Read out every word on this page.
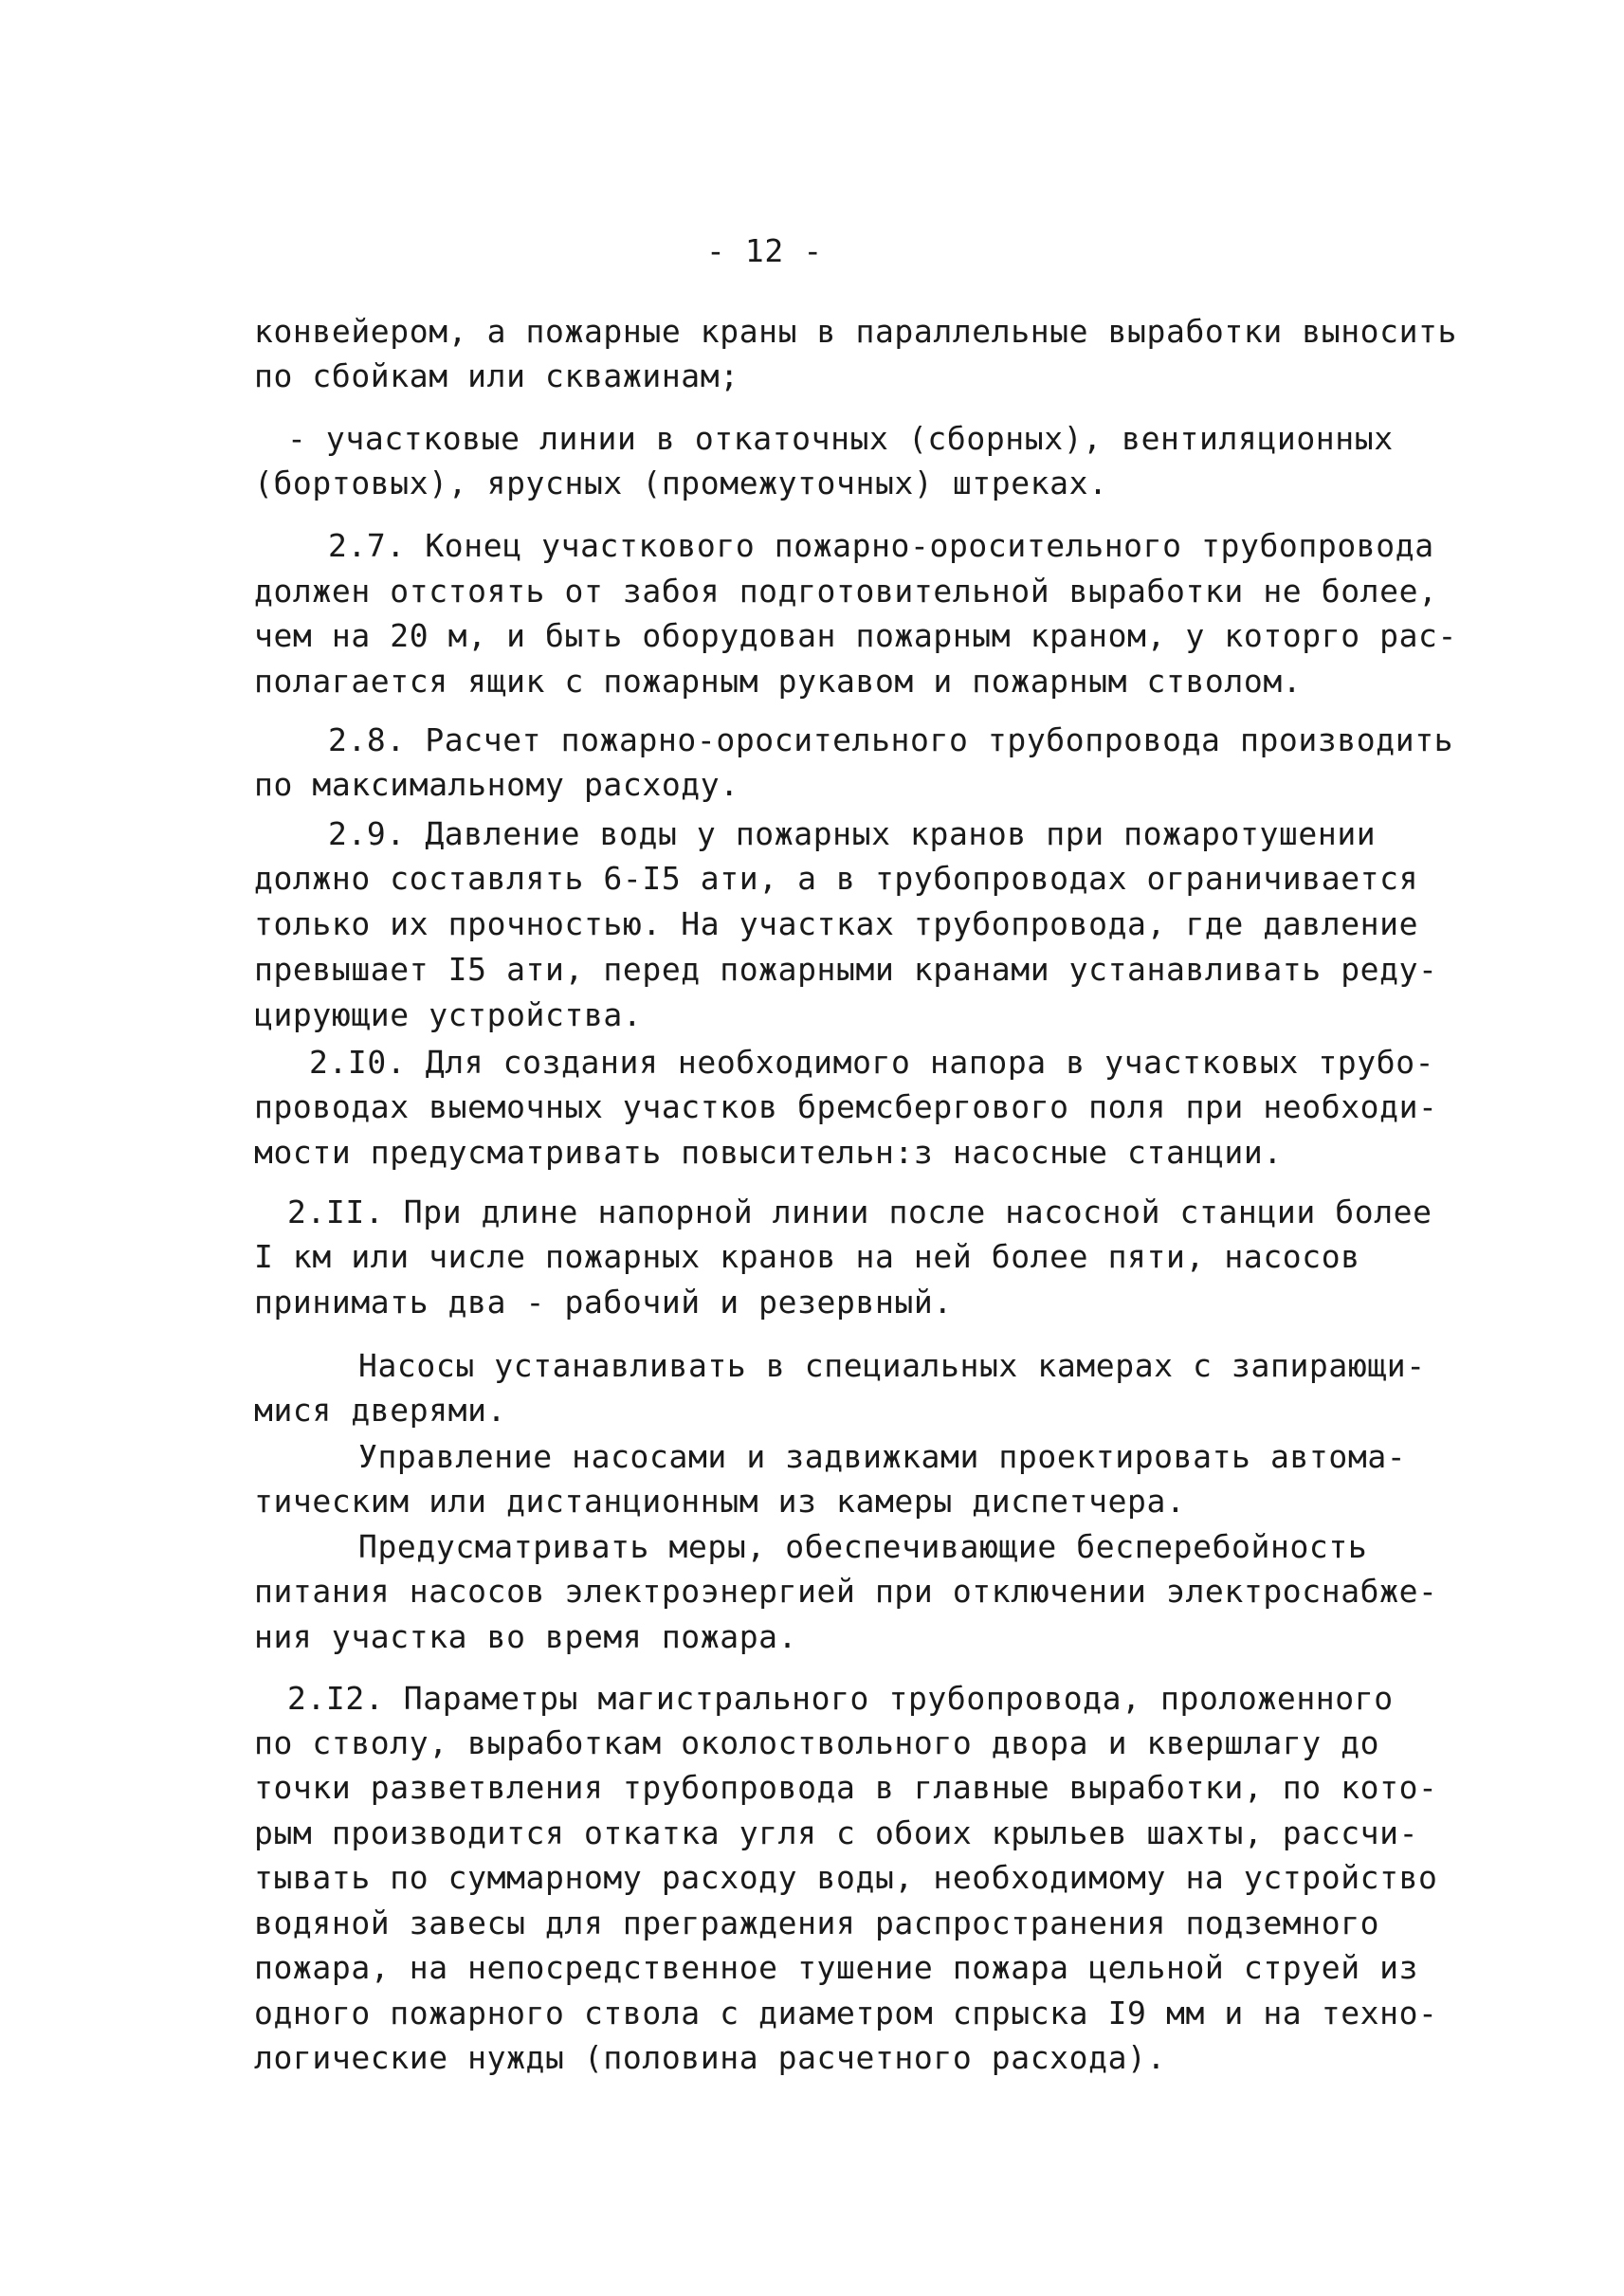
- 12 -
конвейером, а пожарные краны в параллельные выработки выносить
по сбойкам или скважинам;
- участковые линии в откаточных (сборных), вентиляционных
(бортовых), ярусных (промежуточных) штреках.
2.7. Конец участкового пожарно-оросительного трубопровода
должен отстоять от забоя подготовительной выработки не более,
чем на 20 м, и быть оборудован пожарным краном, у которго рас-
полагается ящик с пожарным рукавом и пожарным стволом.
2.8. Расчет пожарно-оросительного трубопровода производить
по максимальному расходу.
2.9. Давление воды у пожарных кранов при пожаротушении
должно составлять 6-I5 ати, а в трубопроводах ограничивается
только их прочностью. На участках трубопровода, где давление
превышает I5 ати, перед пожарными кранами устанавливать реду-
цирующие устройства.
2.I0. Для создания необходимого напора в участковых трубо-
проводах выемочных участков бремсбергового поля при необходи-
мости предусматривать повысительн:з насосные станции.
2.II. При длине напорной линии после насосной станции более
I км или числе пожарных кранов на ней более пяти, насосов
принимать два - рабочий и резервный.
Насосы устанавливать в специальных камерах с запирающи-
мися дверями.
Управление насосами и задвижками проектировать автома-
тическим или дистанционным из камеры диспетчера.
Предусматривать меры, обеспечивающие бесперебойность
питания насосов электроэнергией при отключении электроснабже-
ния участка во время пожара.
2.I2. Параметры магистрального трубопровода, проложенного
по стволу, выработкам околоствольного двора и квершлагу до
точки разветвления трубопровода в главные выработки, по кото-
рым производится откатка угля с обоих крыльев шахты, рассчи-
тывать по суммарному расходу воды, необходимому на устройство
водяной завесы для преграждения распространения подземного
пожара, на непосредственное тушение пожара цельной струей из
одного пожарного ствола с диаметром спрыска I9 мм и на техно-
логические нужды (половина расчетного расхода).
